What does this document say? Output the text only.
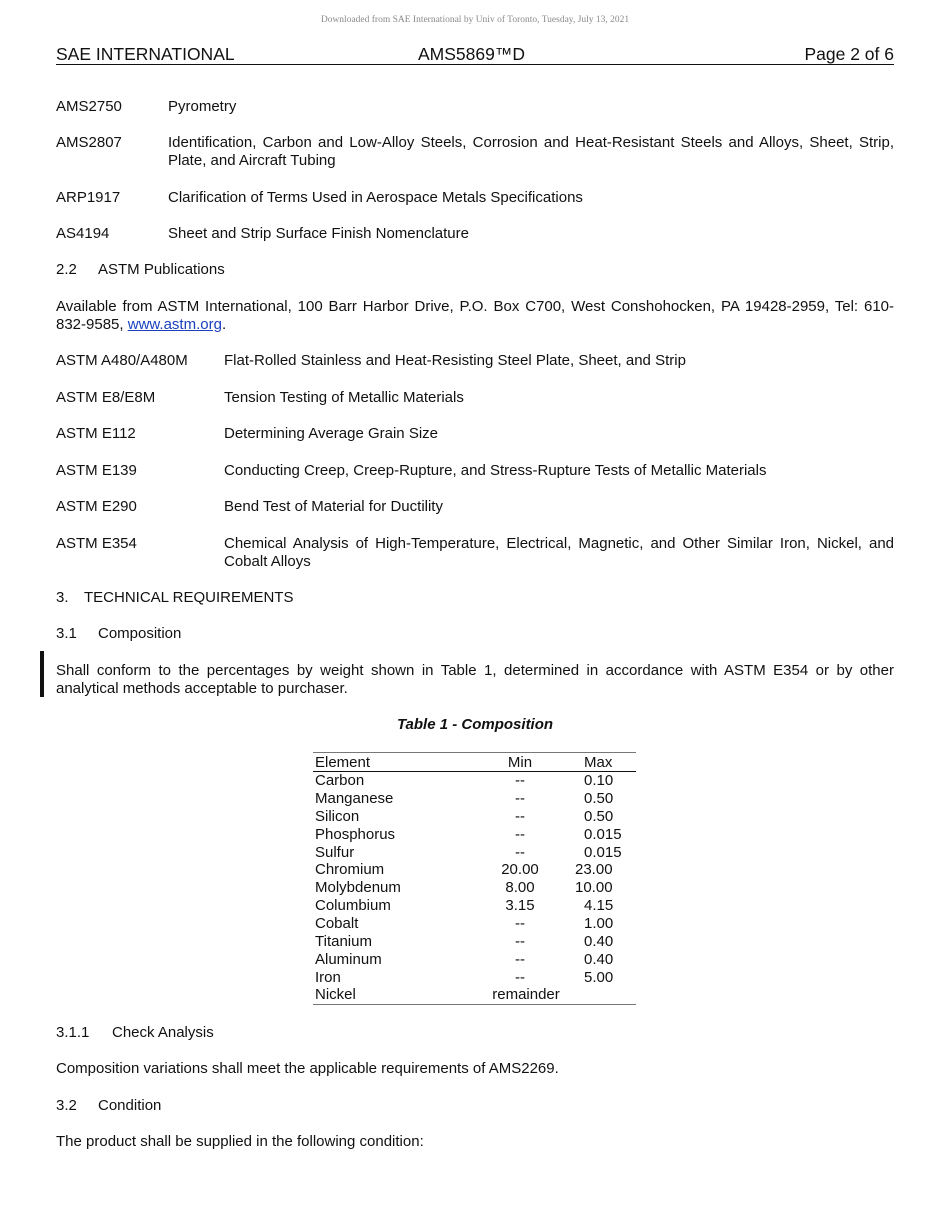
Downloaded from SAE International by Univ of Toronto, Tuesday, July 13, 2021
SAE INTERNATIONAL	AMS5869™D	Page 2 of 6
AMS2750	Pyrometry
AMS2807	Identification, Carbon and Low-Alloy Steels, Corrosion and Heat-Resistant Steels and Alloys, Sheet, Strip, Plate, and Aircraft Tubing
ARP1917	Clarification of Terms Used in Aerospace Metals Specifications
AS4194	Sheet and Strip Surface Finish Nomenclature
2.2 ASTM Publications
Available from ASTM International, 100 Barr Harbor Drive, P.O. Box C700, West Conshohocken, PA 19428-2959, Tel: 610-832-9585, www.astm.org.
ASTM A480/A480M Flat-Rolled Stainless and Heat-Resisting Steel Plate, Sheet, and Strip
ASTM E8/E8M	Tension Testing of Metallic Materials
ASTM E112	Determining Average Grain Size
ASTM E139	Conducting Creep, Creep-Rupture, and Stress-Rupture Tests of Metallic Materials
ASTM E290	Bend Test of Material for Ductility
ASTM E354	Chemical Analysis of High-Temperature, Electrical, Magnetic, and Other Similar Iron, Nickel, and Cobalt Alloys
3. TECHNICAL REQUIREMENTS
3.1 Composition
Shall conform to the percentages by weight shown in Table 1, determined in accordance with ASTM E354 or by other analytical methods acceptable to purchaser.
Table 1 - Composition
Element	Min	Max
Carbon	--	0.10
Manganese	--	0.50
Silicon	--	0.50
Phosphorus	--	0.015
Sulfur	--	0.015
Chromium	20.00	23.00
Molybdenum	8.00	10.00
Columbium	3.15	4.15
Cobalt	--	1.00
Titanium	--	0.40
Aluminum	--	0.40
Iron	--	5.00
Nickel	remainder
3.1.1 Check Analysis
Composition variations shall meet the applicable requirements of AMS2269.
3.2 Condition
The product shall be supplied in the following condition:
